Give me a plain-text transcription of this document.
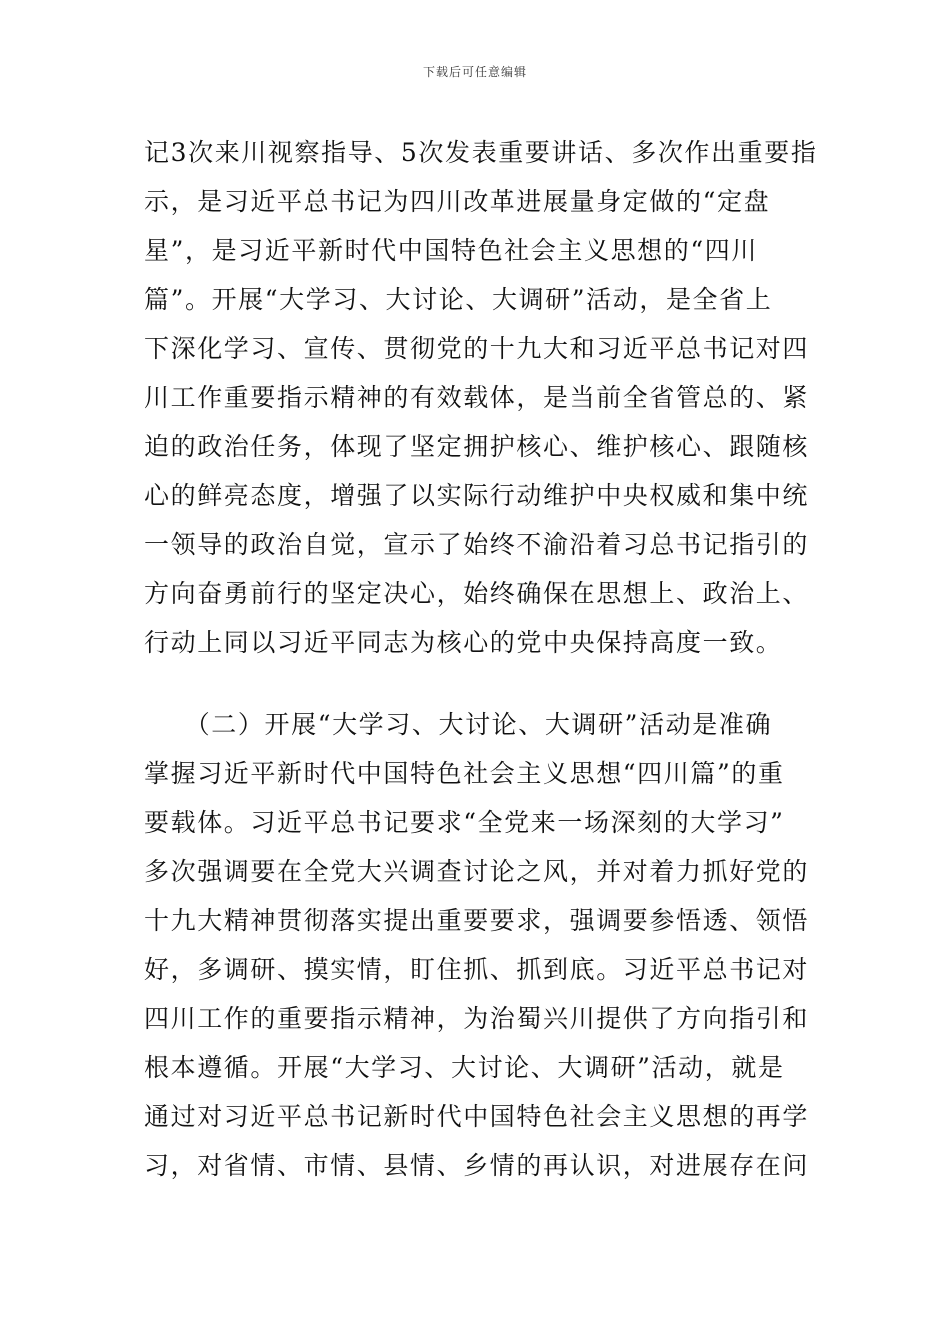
下载后可任意编辑
记3次来川视察指导、5次发表重要讲话、多次作出重要指
示，是习近平总书记为四川改革进展量身定做的“定盘
星”，是习近平新时代中国特色社会主义思想的“四川
篇”。开展“大学习、大讨论、大调研”活动，是全省上
下深化学习、宣传、贯彻党的十九大和习近平总书记对四
川工作重要指示精神的有效载体，是当前全省管总的、紧
迫的政治任务，体现了坚定拥护核心、维护核心、跟随核
心的鲜亮态度，增强了以实际行动维护中央权威和集中统
一领导的政治自觉，宣示了始终不渝沿着习总书记指引的
方向奋勇前行的坚定决心，始终确保在思想上、政治上、
行动上同以习近平同志为核心的党中央保持高度一致。
　　（二）开展“大学习、大讨论、大调研”活动是准确
掌握习近平新时代中国特色社会主义思想“四川篇”的重
要载体。习近平总书记要求“全党来一场深刻的大学习”
多次强调要在全党大兴调查讨论之风，并对着力抓好党的
十九大精神贯彻落实提出重要要求，强调要参悟透、领悟
好，多调研、摸实情，盯住抓、抓到底。习近平总书记对
四川工作的重要指示精神，为治蜀兴川提供了方向指引和
根本遵循。开展“大学习、大讨论、大调研”活动，就是
通过对习近平总书记新时代中国特色社会主义思想的再学
习，对省情、市情、县情、乡情的再认识，对进展存在问
